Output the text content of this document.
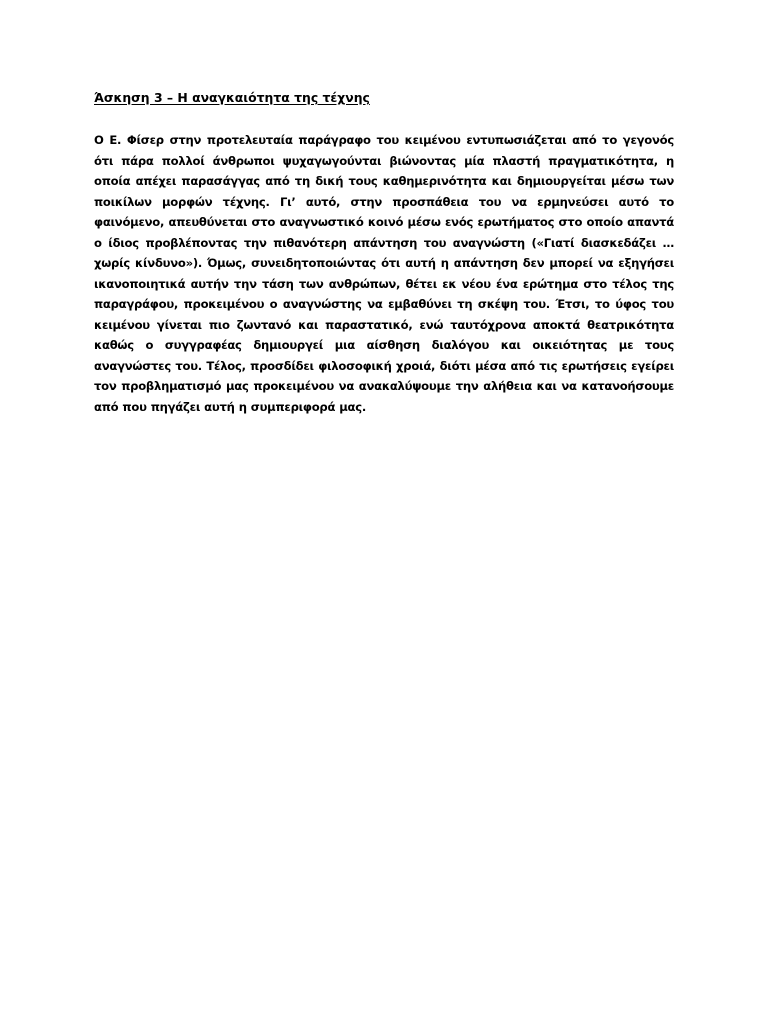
Άσκηση 3 – Η αναγκαιότητα της τέχνης

Ο Ε. Φίσερ στην προτελευταία παράγραφο του κειμένου εντυπωσιάζεται από το γεγονός ότι πάρα πολλοί άνθρωποι ψυχαγωγούνται βιώνοντας μία πλαστή πραγματικότητα, η οποία απέχει παρασάγγας από τη δική τους καθημερινότητα και δημιουργείται μέσω των ποικίλων μορφών τέχνης. Γι’ αυτό, στην προσπάθεια του να ερμηνεύσει αυτό το φαινόμενο, απευθύνεται στο αναγνωστικό κοινό μέσω ενός ερωτήματος στο οποίο απαντά ο ίδιος προβλέποντας την πιθανότερη απάντηση του αναγνώστη («Γιατί διασκεδάζει … χωρίς κίνδυνο»). Όμως, συνειδητοποιώντας ότι αυτή η απάντηση δεν μπορεί να εξηγήσει ικανοποιητικά αυτήν την τάση των ανθρώπων, θέτει εκ νέου ένα ερώτημα στο τέλος της παραγράφου, προκειμένου ο αναγνώστης να εμβαθύνει τη σκέψη του. Έτσι, το ύφος του κειμένου γίνεται πιο ζωντανό και παραστατικό, ενώ ταυτόχρονα αποκτά θεατρικότητα καθώς ο συγγραφέας δημιουργεί μια αίσθηση διαλόγου και οικειότητας με τους αναγνώστες του. Τέλος, προσδίδει φιλοσοφική χροιά, διότι μέσα από τις ερωτήσεις εγείρει τον προβληματισμό μας προκειμένου να ανακαλύψουμε την αλήθεια και να κατανοήσουμε από που πηγάζει αυτή η συμπεριφορά μας.
